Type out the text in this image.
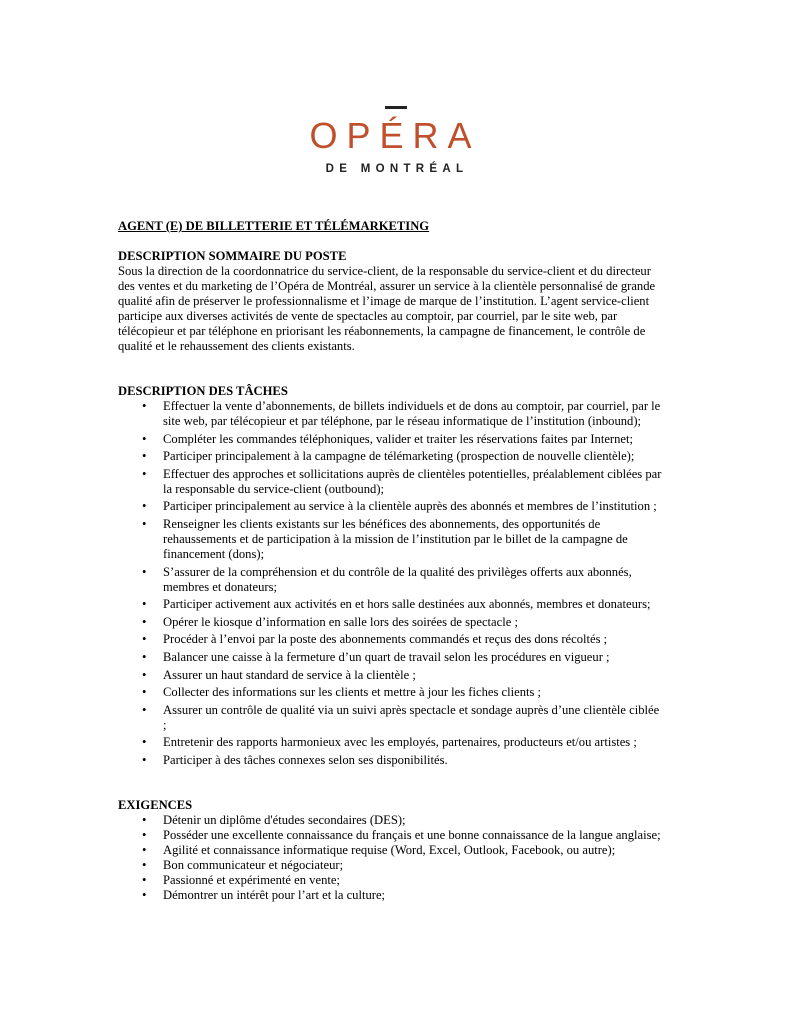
OPÉRA
DE MONTRÉAL

AGENT (E) DE BILLETTERIE ET TÉLÉMARKETING

DESCRIPTION SOMMAIRE DU POSTE

Sous la direction de la coordonnatrice du service-client, de la responsable du service-client et du directeur
des ventes et du marketing de l’Opéra de Montréal, assurer un service à la clientèle personnalisé de grande
qualité afin de préserver le professionnalisme et l’image de marque de l’institution. L’agent service-client
participe aux diverses activités de vente de spectacles au comptoir, par courriel, par le site web, par
télécopieur et par téléphone en priorisant les réabonnements, la campagne de financement, le contrôle de
qualité et le rehaussement des clients existants.

DESCRIPTION DES TÂCHES

• Effectuer la vente d’abonnements, de billets individuels et de dons au comptoir, par courriel, par le
site web, par télécopieur et par téléphone, par le réseau informatique de l’institution (inbound);
• Compléter les commandes téléphoniques, valider et traiter les réservations faites par Internet;
• Participer principalement à la campagne de télémarketing (prospection de nouvelle clientèle);
• Effectuer des approches et sollicitations auprès de clientèles potentielles, préalablement ciblées par
la responsable du service-client (outbound);
• Participer principalement au service à la clientèle auprès des abonnés et membres de l’institution ;
• Renseigner les clients existants sur les bénéfices des abonnements, des opportunités de
rehaussements et de participation à la mission de l’institution par le billet de la campagne de
financement (dons);
• S’assurer de la compréhension et du contrôle de la qualité des privilèges offerts aux abonnés,
membres et donateurs;
• Participer activement aux activités en et hors salle destinées aux abonnés, membres et donateurs;
• Opérer le kiosque d’information en salle lors des soirées de spectacle ;
• Procéder à l’envoi par la poste des abonnements commandés et reçus des dons récoltés ;
• Balancer une caisse à la fermeture d’un quart de travail selon les procédures en vigueur ;
• Assurer un haut standard de service à la clientèle ;
• Collecter des informations sur les clients et mettre à jour les fiches clients ;
• Assurer un contrôle de qualité via un suivi après spectacle et sondage auprès d’une clientèle ciblée
;
• Entretenir des rapports harmonieux avec les employés, partenaires, producteurs et/ou artistes ;
• Participer à des tâches connexes selon ses disponibilités.

EXIGENCES

• Détenir un diplôme d'études secondaires (DES);
• Posséder une excellente connaissance du français et une bonne connaissance de la langue anglaise;
• Agilité et connaissance informatique requise (Word, Excel, Outlook, Facebook, ou autre);
• Bon communicateur et négociateur;
• Passionné et expérimenté en vente;
• Démontrer un intérêt pour l’art et la culture;
